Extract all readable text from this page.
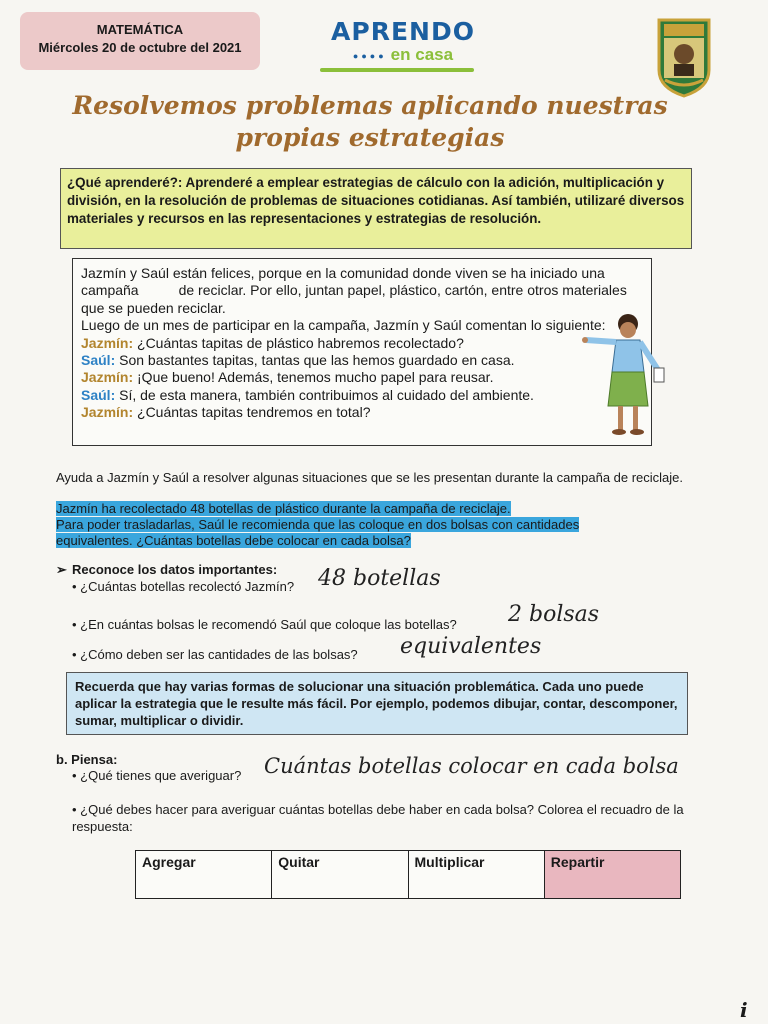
MATEMÁTICA
Miércoles 20 de octubre del 2021
APRENDO
●●●● en casa
Resolvemos problemas aplicando nuestras
propias estrategias
¿Qué aprenderé?: Aprenderé a emplear estrategias de cálculo con la adición, multiplicación y división, en la resolución de problemas de situaciones cotidianas. Así también, utilizaré diversos materiales y recursos en las representaciones y estrategias de resolución.
Jazmín y Saúl están felices, porque en la comunidad donde viven se ha iniciado una campaña	de reciclar. Por ello, juntan papel, plástico, cartón, entre otros materiales que se pueden reciclar.
Luego de un mes de participar en la campaña, Jazmín y Saúl comentan lo siguiente:
Jazmín: ¿Cuántas tapitas de plástico habremos recolectado?
Saúl: Son bastantes tapitas, tantas que las hemos guardado en casa.
Jazmín: ¡Que bueno! Además, tenemos mucho papel para reusar.
Saúl: Sí, de esta manera, también contribuimos al cuidado del ambiente.
Jazmín: ¿Cuántas tapitas tendremos en total?
Ayuda a Jazmín y Saúl a resolver algunas situaciones que se les presentan durante la campaña de reciclaje.
Jazmín ha recolectado 48 botellas de plástico durante la campaña de reciclaje.
Para poder trasladarlas, Saúl le recomienda que las coloque en dos bolsas con cantidades equivalentes. ¿Cuántas botellas debe colocar en cada bolsa?
➢ Reconoce los datos importantes:
• ¿Cuántas botellas recolectó Jazmín? 48 botellas
• ¿En cuántas bolsas le recomendó Saúl que coloque las botellas? 2 bolsas
• ¿Cómo deben ser las cantidades de las bolsas? equivalentes
Recuerda que hay varias formas de solucionar una situación problemática. Cada uno puede aplicar la estrategia que le resulte más fácil. Por ejemplo, podemos dibujar, contar, descomponer, sumar, multiplicar o dividir.
b. Piensa:
• ¿Qué tienes que averiguar? Cuántas botellas colocar en cada bolsa
• ¿Qué debes hacer para averiguar cuántas botellas debe haber en cada bolsa? Colorea el recuadro de la respuesta:
Agregar	Quitar	Multiplicar	Repartir
i
